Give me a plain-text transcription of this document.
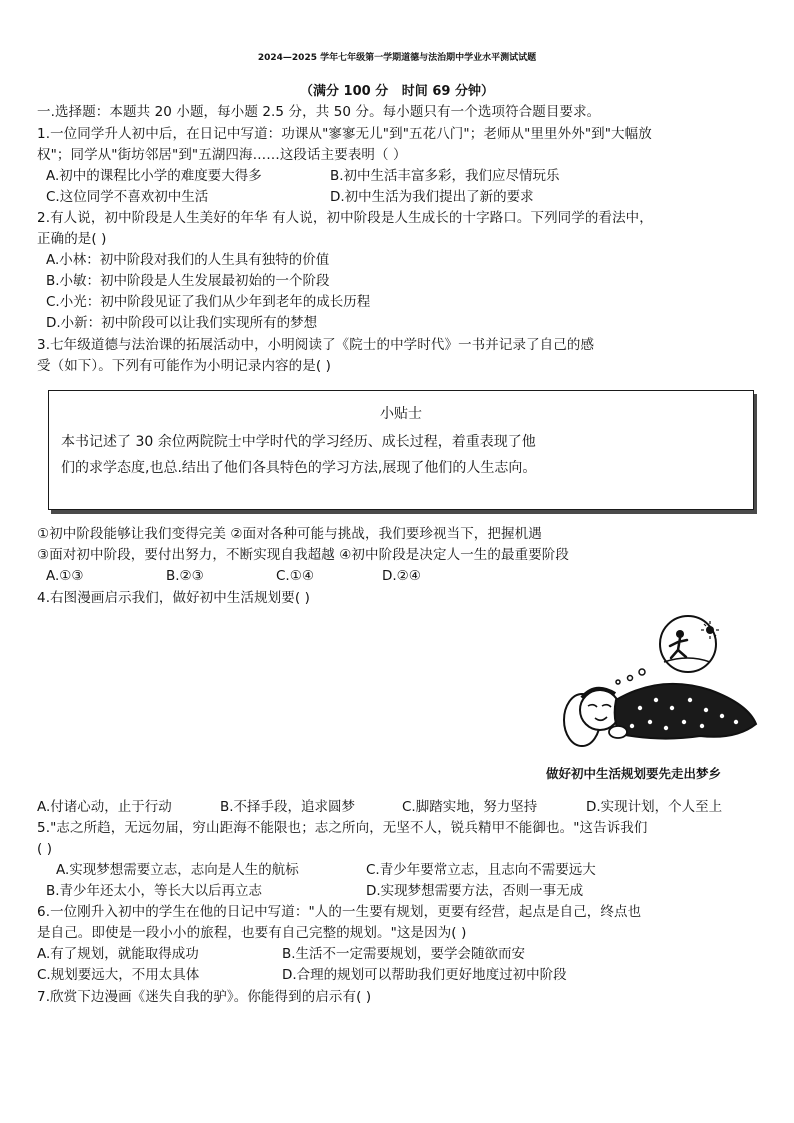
2024—2025 学年七年级第一学期道德与法治期中学业水平测试试题
（满分 100 分   时间 69 分钟）
一.选择题：本题共 20 小题，每小题 2.5 分，共 50 分。每小题只有一个选项符合题目要求。
1.一位同学升人初中后，在日记中写道：功课从"寥寥无儿"到"五花八门"；老师从"里里外外"到"大幅放
权"；同学从"街坊邻居"到"五湖四海……这段话主要表明（ ）
A.初中的课程比小学的难度要大得多	B.初中生活丰富多彩，我们应尽情玩乐
C.这位同学不喜欢初中生活	D.初中生活为我们提出了新的要求
2.有人说，初中阶段是人生美好的年华 有人说，初中阶段是人生成长的十字路口。下列同学的看法中，
正确的是( )
A.小林：初中阶段对我们的人生具有独特的价值
B.小敏：初中阶段是人生发展最初始的一个阶段
C.小光：初中阶段见证了我们从少年到老年的成长历程
D.小新：初中阶段可以让我们实现所有的梦想
3.七年级道德与法治课的拓展活动中，小明阅读了《院士的中学时代》一书并记录了自己的感
受（如下）。下列有可能作为小明记录内容的是( )
小贴士
本书记述了 30 余位两院院士中学时代的学习经历、成长过程，着重表现了他
们的求学态度,也总.结出了他们各具特色的学习方法,展现了他们的人生志向。
①初中阶段能够让我们变得完美 ②面对各种可能与挑战，我们要珍视当下，把握机遇
③面对初中阶段，要付出努力，不断实现自我超越 ④初中阶段是决定人一生的最重要阶段
A.①③	B.②③	C.①④	D.②④
4.右图漫画启示我们，做好初中生活规划要( )
做好初中生活规划要先走出梦乡
A.付诸心动，止于行动	B.不择手段，追求圆梦	C.脚踏实地，努力坚持	D.实现计划，个人至上
5."志之所趋，无远勿届，穷山距海不能限也；志之所向，无坚不人，锐兵精甲不能御也。"这告诉我们
( )
A.实现梦想需要立志，志向是人生的航标	C.青少年要常立志，且志向不需要远大
B.青少年还太小，等长大以后再立志	D.实现梦想需要方法，否则一事无成
6.一位刚升入初中的学生在他的日记中写道："人的一生要有规划，更要有经营，起点是自己，终点也
是自己。即使是一段小小的旅程，也要有自己完整的规划。"这是因为( )
A.有了规划，就能取得成功	B.生活不一定需要规划，要学会随欲而安
C.规划要远大，不用太具体	D.合理的规划可以帮助我们更好地度过初中阶段
7.欣赏下边漫画《迷失自我的驴》。你能得到的启示有( )
